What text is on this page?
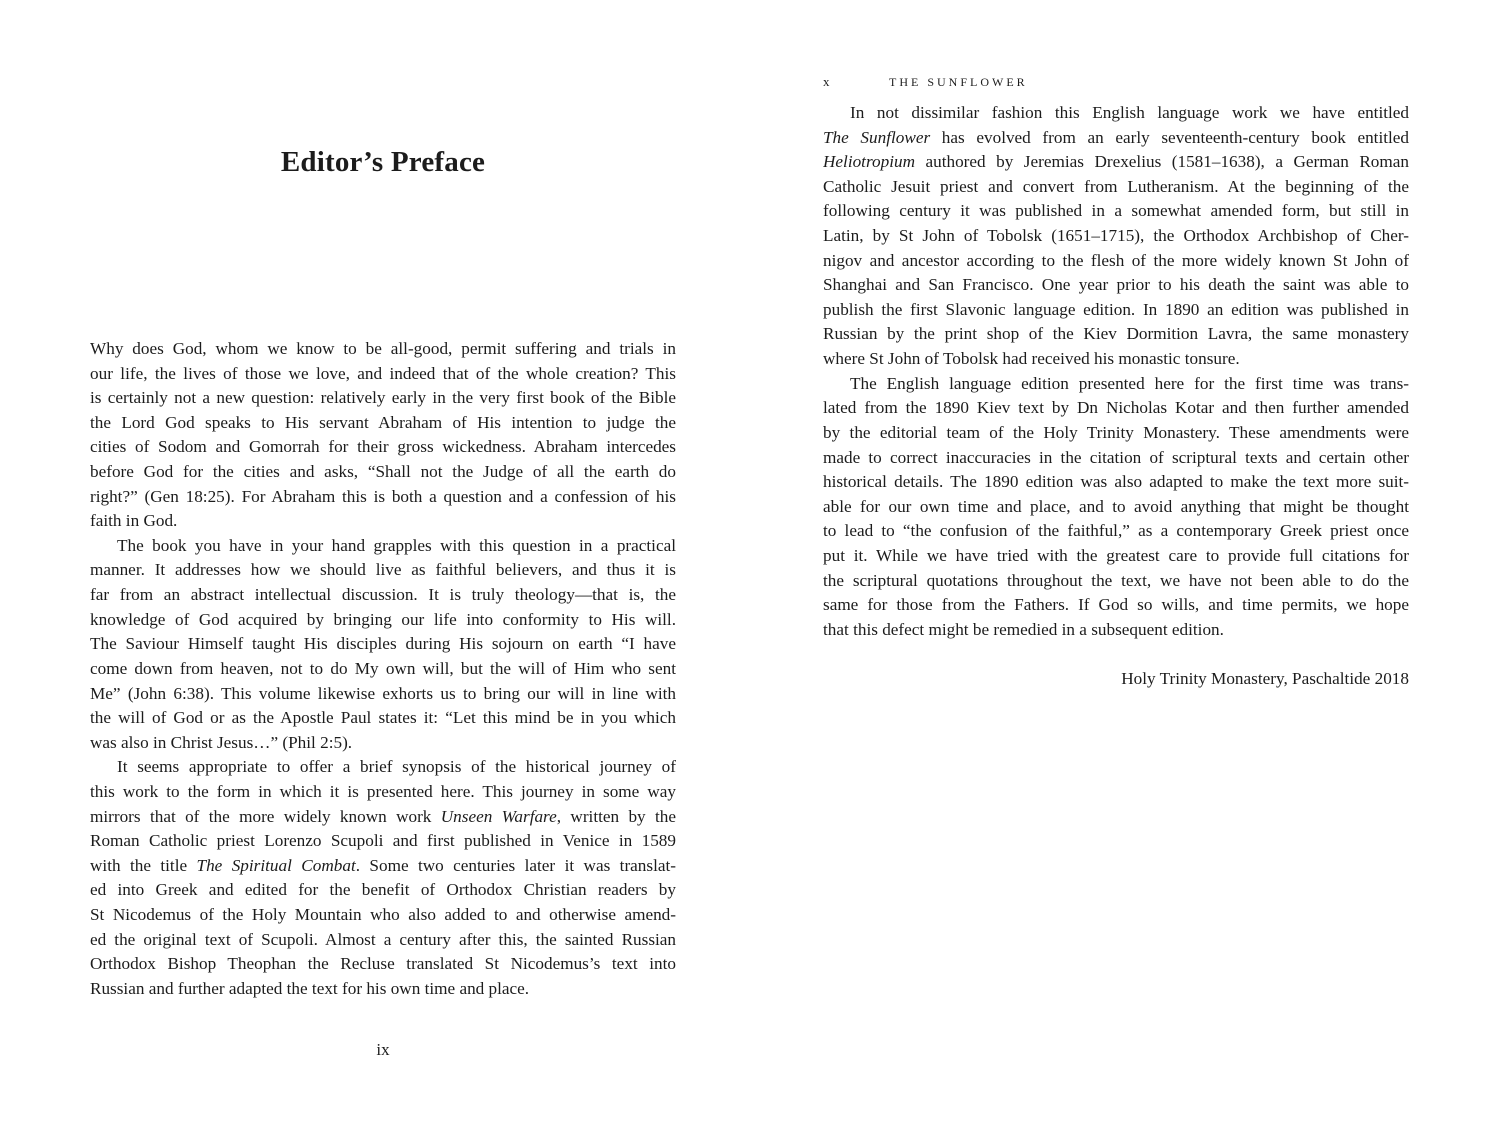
Editor’s Preface
Why does God, whom we know to be all-good, permit suffering and trials in
our life, the lives of those we love, and indeed that of the whole creation? This
is certainly not a new question: relatively early in the very first book of the Bible
the Lord God speaks to His servant Abraham of His intention to judge the
cities of Sodom and Gomorrah for their gross wickedness. Abraham intercedes
before God for the cities and asks, “Shall not the Judge of all the earth do
right?” (Gen 18:25). For Abraham this is both a question and a confession of his
faith in God.
The book you have in your hand grapples with this question in a practical
manner. It addresses how we should live as faithful believers, and thus it is
far from an abstract intellectual discussion. It is truly theology—that is, the
knowledge of God acquired by bringing our life into conformity to His will.
The Saviour Himself taught His disciples during His sojourn on earth “I have
come down from heaven, not to do My own will, but the will of Him who sent
Me” (John 6:38). This volume likewise exhorts us to bring our will in line with
the will of God or as the Apostle Paul states it: “Let this mind be in you which
was also in Christ Jesus…” (Phil 2:5).
It seems appropriate to offer a brief synopsis of the historical journey of
this work to the form in which it is presented here. This journey in some way
mirrors that of the more widely known work Unseen Warfare, written by the
Roman Catholic priest Lorenzo Scupoli and first published in Venice in 1589
with the title The Spiritual Combat. Some two centuries later it was translat-
ed into Greek and edited for the benefit of Orthodox Christian readers by
St Nicodemus of the Holy Mountain who also added to and otherwise amend-
ed the original text of Scupoli. Almost a century after this, the sainted Russian
Orthodox Bishop Theophan the Recluse translated St Nicodemus’s text into
Russian and further adapted the text for his own time and place.
ix
x	THE SUNFLOWER
In not dissimilar fashion this English language work we have entitled
The Sunflower has evolved from an early seventeenth-century book entitled
Heliotropium authored by Jeremias Drexelius (1581–1638), a German Roman
Catholic Jesuit priest and convert from Lutheranism. At the beginning of the
following century it was published in a somewhat amended form, but still in
Latin, by St John of Tobolsk (1651–1715), the Orthodox Archbishop of Cher-
nigov and ancestor according to the flesh of the more widely known St John of
Shanghai and San Francisco. One year prior to his death the saint was able to
publish the first Slavonic language edition. In 1890 an edition was published in
Russian by the print shop of the Kiev Dormition Lavra, the same monastery
where St John of Tobolsk had received his monastic tonsure.
The English language edition presented here for the first time was trans-
lated from the 1890 Kiev text by Dn Nicholas Kotar and then further amended
by the editorial team of the Holy Trinity Monastery. These amendments were
made to correct inaccuracies in the citation of scriptural texts and certain other
historical details. The 1890 edition was also adapted to make the text more suit-
able for our own time and place, and to avoid anything that might be thought
to lead to “the confusion of the faithful,” as a contemporary Greek priest once
put it. While we have tried with the greatest care to provide full citations for
the scriptural quotations throughout the text, we have not been able to do the
same for those from the Fathers. If God so wills, and time permits, we hope
that this defect might be remedied in a subsequent edition.
Holy Trinity Monastery, Paschaltide 2018
